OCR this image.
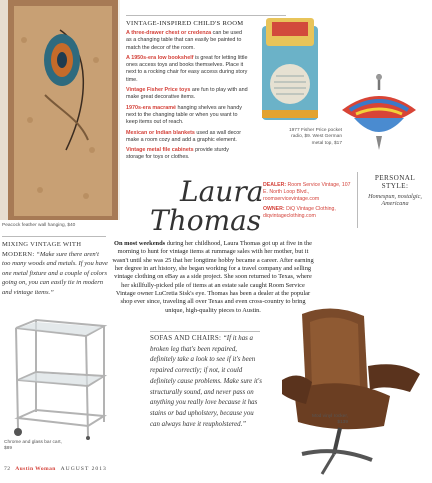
VINTAGE-INSPIRED CHILD'S ROOM
A three-drawer chest or credenza can be used as a changing table that can easily be painted to match the decor of the room.
A 1950s-era low bookshelf is great for letting little ones access toys and books themselves. Place it next to a rocking chair for easy access during story time.
Vintage Fisher Price toys are fun to play with and make great decorative items.
1970s-era macramé hanging shelves are handy next to the changing table or when you want to keep items out of reach.
Mexican or Indian blankets used as wall decor make a room cozy and add a graphic element.
Vintage metal file cabinets provide sturdy storage for toys or clothes.
1977 Fisher Price pocket radio, $9. West German metal top, $17
Laura
Thomas
DEALER: Room Service Vintage, 107 E. North Loop Blvd., roomservicevintage.com
OWNER: DiQ Vintage Clothing, diqvintageclothing.com
PERSONAL STYLE:
Homespun, nostalgic, Americana
Peacock feather wall hanging, $40
MIXING VINTAGE WITH MODERN: “Make sure there aren't too many woods and metals. If you have one metal fixture and a couple of colors going on, you can easily tie in modern and vintage items.”
On most weekends during her childhood, Laura Thomas got up at five in the morning to hunt for vintage items at rummage sales with her mother, but it wasn't until she was 25 that her longtime hobby became a career. After earning her degree in art history, she began working for a travel company and selling vintage clothing on eBay as a side project. She soon returned to Texas, where her skillfully-picked pile of items at an estate sale caught Room Service Vintage owner LuCretia Sisk's eye. Thomas has been a dealer at the popular shop ever since, traveling all over Texas and even cross-country to bring unique, high-quality pieces to Austin.
Chrome and glass bar cart, $89
SOFAS AND CHAIRS: “If it has a broken leg that's been repaired, definitely take a look to see if it's been repaired correctly; if not, it could definitely cause problems. Make sure it's structurally sound, and never pass on anything you really love because it has stains or bad upholstery, because you can always have it reupholstered.”
Mod vinyl rocker, $139
72 Austin Woman AUGUST 2013
